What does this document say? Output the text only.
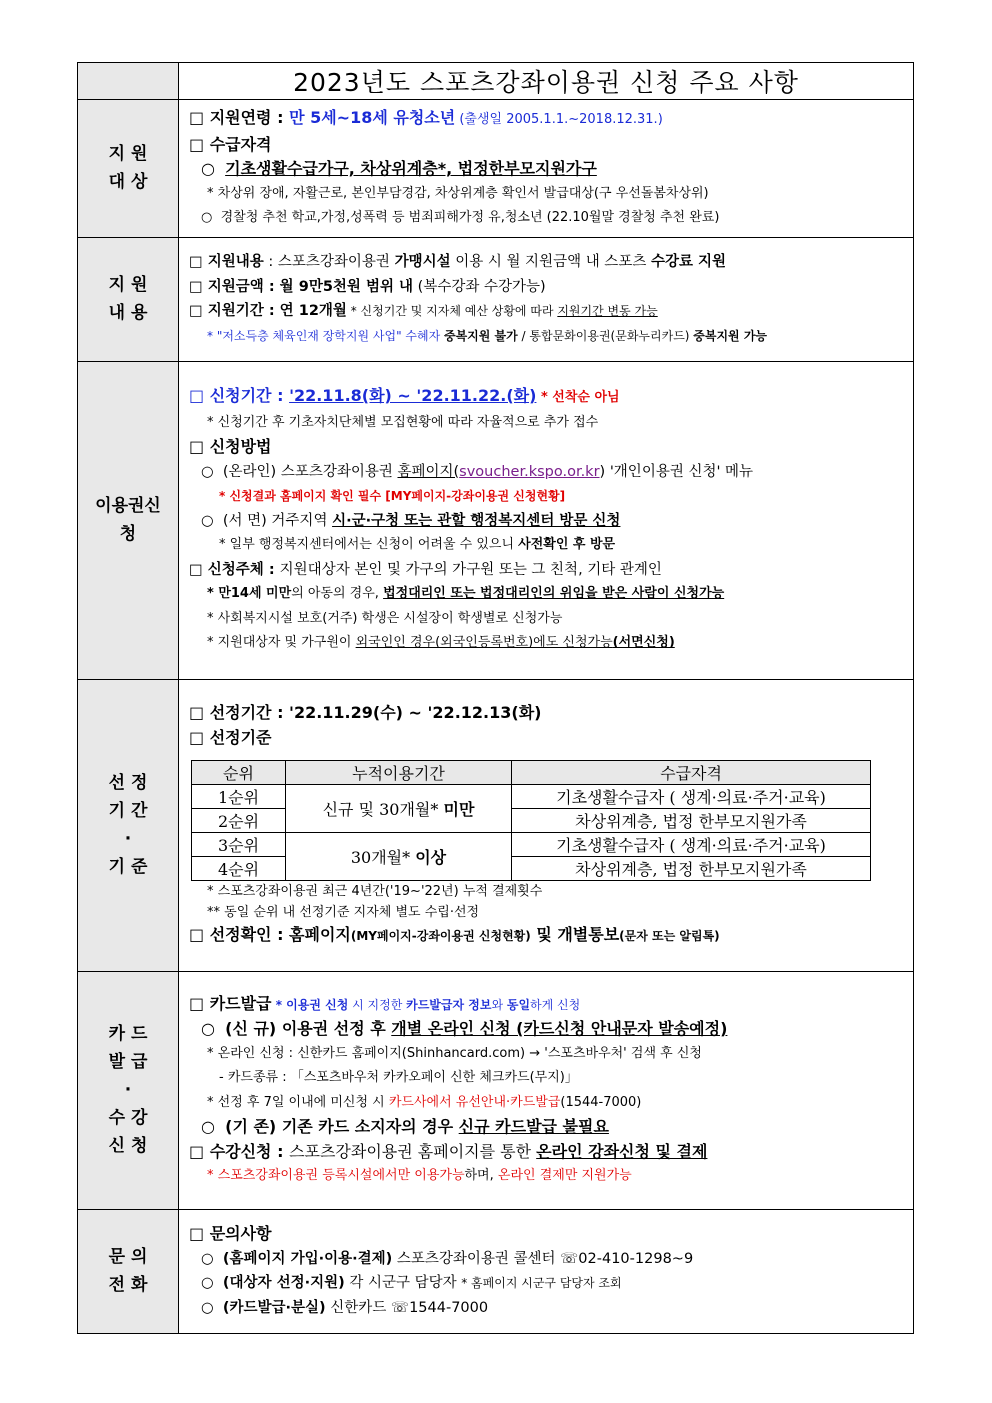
	2023년도 스포츠강좌이용권 신청 주요 사항
지 원
대 상	
□ 지원연령 : 만 5세~18세 유청소년 (출생일 2005.1.1.~2018.12.31.)
□ 수급자격
○  기초생활수급가구, 차상위계층*, 법정한부모지원가구
* 차상위 장애, 자활근로, 본인부담경감, 차상위계층 확인서 발급대상(구 우선돌봄차상위)
○  경찰청 추천 학교,가정,성폭력 등 범죄피해가정 유,청소년 (22.10월말 경찰청 추천 완료)

지 원
내 용	
□ 지원내용 : 스포츠강좌이용권 가맹시설 이용 시 월 지원금액 내 스포츠 수강료 지원
□ 지원금액 : 월 9만5천원 범위 내 (복수강좌 수강가능)
□ 지원기간 : 연 12개월 * 신청기간 및 지자체 예산 상황에 따라 지원기간 변동 가능
* "저소득층 체육인재 장학지원 사업" 수혜자 중복지원 불가 / 통합문화이용권(문화누리카드) 중복지원 가능

이용권신
청	
□ 신청기간 : '22.11.8(화) ~ '22.11.22.(화) * 선착순 아님
* 신청기간 후 기초자치단체별 모집현황에 따라 자율적으로 추가 접수
□ 신청방법
○  (온라인) 스포츠강좌이용권 홈페이지(svoucher.kspo.or.kr) '개인이용권 신청' 메뉴
* 신청결과 홈페이지 확인 필수 [MY페이지-강좌이용권 신청현황]
○  (서 면) 거주지역 시·군·구청 또는 관할 행정복지센터 방문 신청
* 일부 행정복지센터에서는 신청이 어려울 수 있으니 사전확인 후 방문
□ 신청주체 : 지원대상자 본인 및 가구의 가구원 또는 그 친척, 기타 관계인
* 만14세 미만의 아동의 경우, 법정대리인 또는 법정대리인의 위임을 받은 사람이 신청가능
* 사회복지시설 보호(거주) 학생은 시설장이 학생별로 신청가능
* 지원대상자 및 가구원이 외국인인 경우(외국인등록번호)에도 신청가능(서면신청)

선 정
기 간
·
기 준	
□ 선정기간 : '22.11.29(수) ~ '22.12.13(화)
□ 선정기준
순위	누적이용기간	수급자격
1순위	신규 및 30개월* 미만	기초생활수급자 ( 생계·의료·주거·교육)
2순위	차상위계층, 법정 한부모지원가족
3순위	30개월* 이상	기초생활수급자 ( 생계·의료·주거·교육)
4순위	차상위계층, 법정 한부모지원가족
* 스포츠강좌이용권 최근 4년간('19~'22년) 누적 결제횟수
** 동일 순위 내 선정기준 지자체 별도 수립·선정
□ 선정확인 : 홈페이지(MY페이지-강좌이용권 신청현황) 및 개별통보(문자 또는 알림톡)

카 드
발 급
·
수 강
신 청	
□ 카드발급 * 이용권 신청 시 지정한 카드발급자 정보와 동일하게 신청
○  (신 규) 이용권 선정 후 개별 온라인 신청 (카드신청 안내문자 발송예정)
* 온라인 신청 : 신한카드 홈페이지(Shinhancard.com) → '스포츠바우처' 검색 후 신청
- 카드종류 : 「스포츠바우처 카카오페이 신한 체크카드(무지)」
* 선정 후 7일 이내에 미신청 시 카드사에서 유선안내·카드발급(1544-7000)
○  (기 존) 기존 카드 소지자의 경우 신규 카드발급 불필요
□ 수강신청 : 스포츠강좌이용권 홈페이지를 통한 온라인 강좌신청 및 결제
* 스포츠강좌이용권 등록시설에서만 이용가능하며, 온라인 결제만 지원가능

문 의
전 화	
□ 문의사항
○  (홈페이지 가입·이용·결제) 스포츠강좌이용권 콜센터 ☏02-410-1298~9
○  (대상자 선정·지원) 각 시군구 담당자 * 홈페이지 시군구 담당자 조회
○  (카드발급·분실) 신한카드 ☏1544-7000
